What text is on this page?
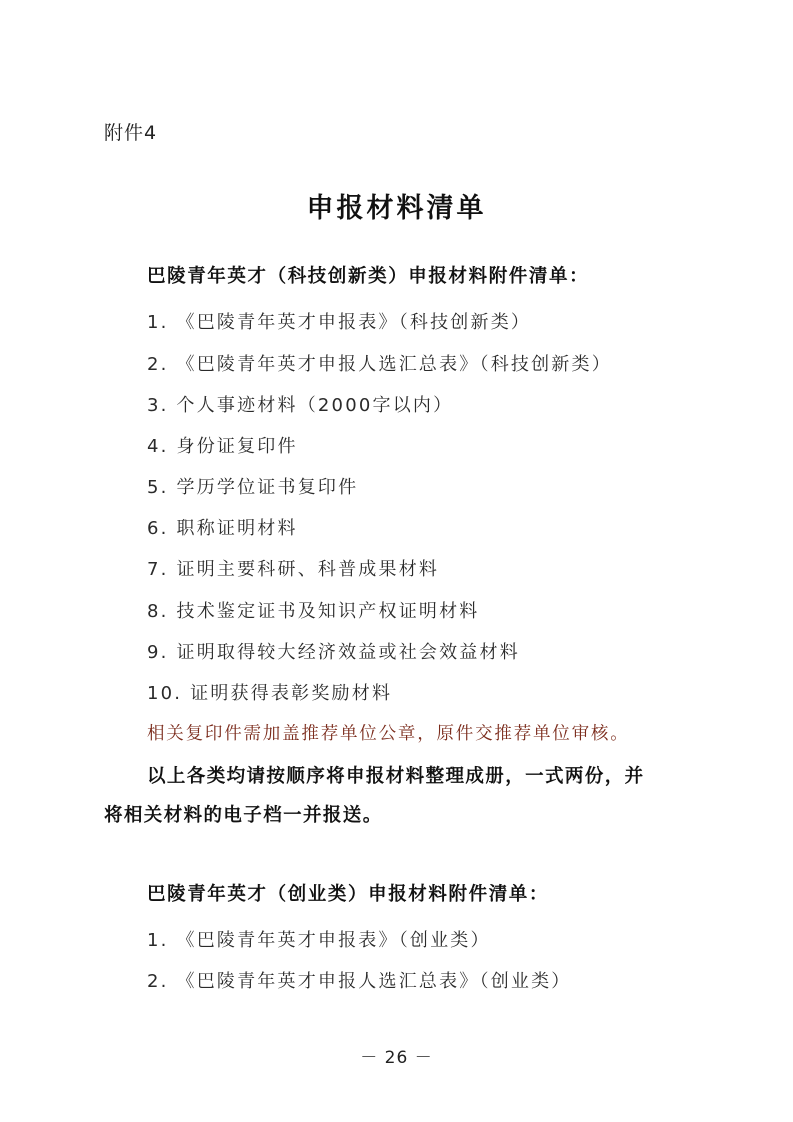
附件4
申报材料清单
巴陵青年英才（科技创新类）申报材料附件清单：
1. 《巴陵青年英才申报表》（科技创新类）
2. 《巴陵青年英才申报人选汇总表》（科技创新类）
3. 个人事迹材料（2000字以内）
4. 身份证复印件
5. 学历学位证书复印件
6. 职称证明材料
7. 证明主要科研、科普成果材料
8. 技术鉴定证书及知识产权证明材料
9. 证明取得较大经济效益或社会效益材料
10. 证明获得表彰奖励材料
相关复印件需加盖推荐单位公章，原件交推荐单位审核。
以上各类均请按顺序将申报材料整理成册，一式两份，并
将相关材料的电子档一并报送。
巴陵青年英才（创业类）申报材料附件清单：
1. 《巴陵青年英才申报表》（创业类）
2. 《巴陵青年英才申报人选汇总表》（创业类）
－ 26 －
